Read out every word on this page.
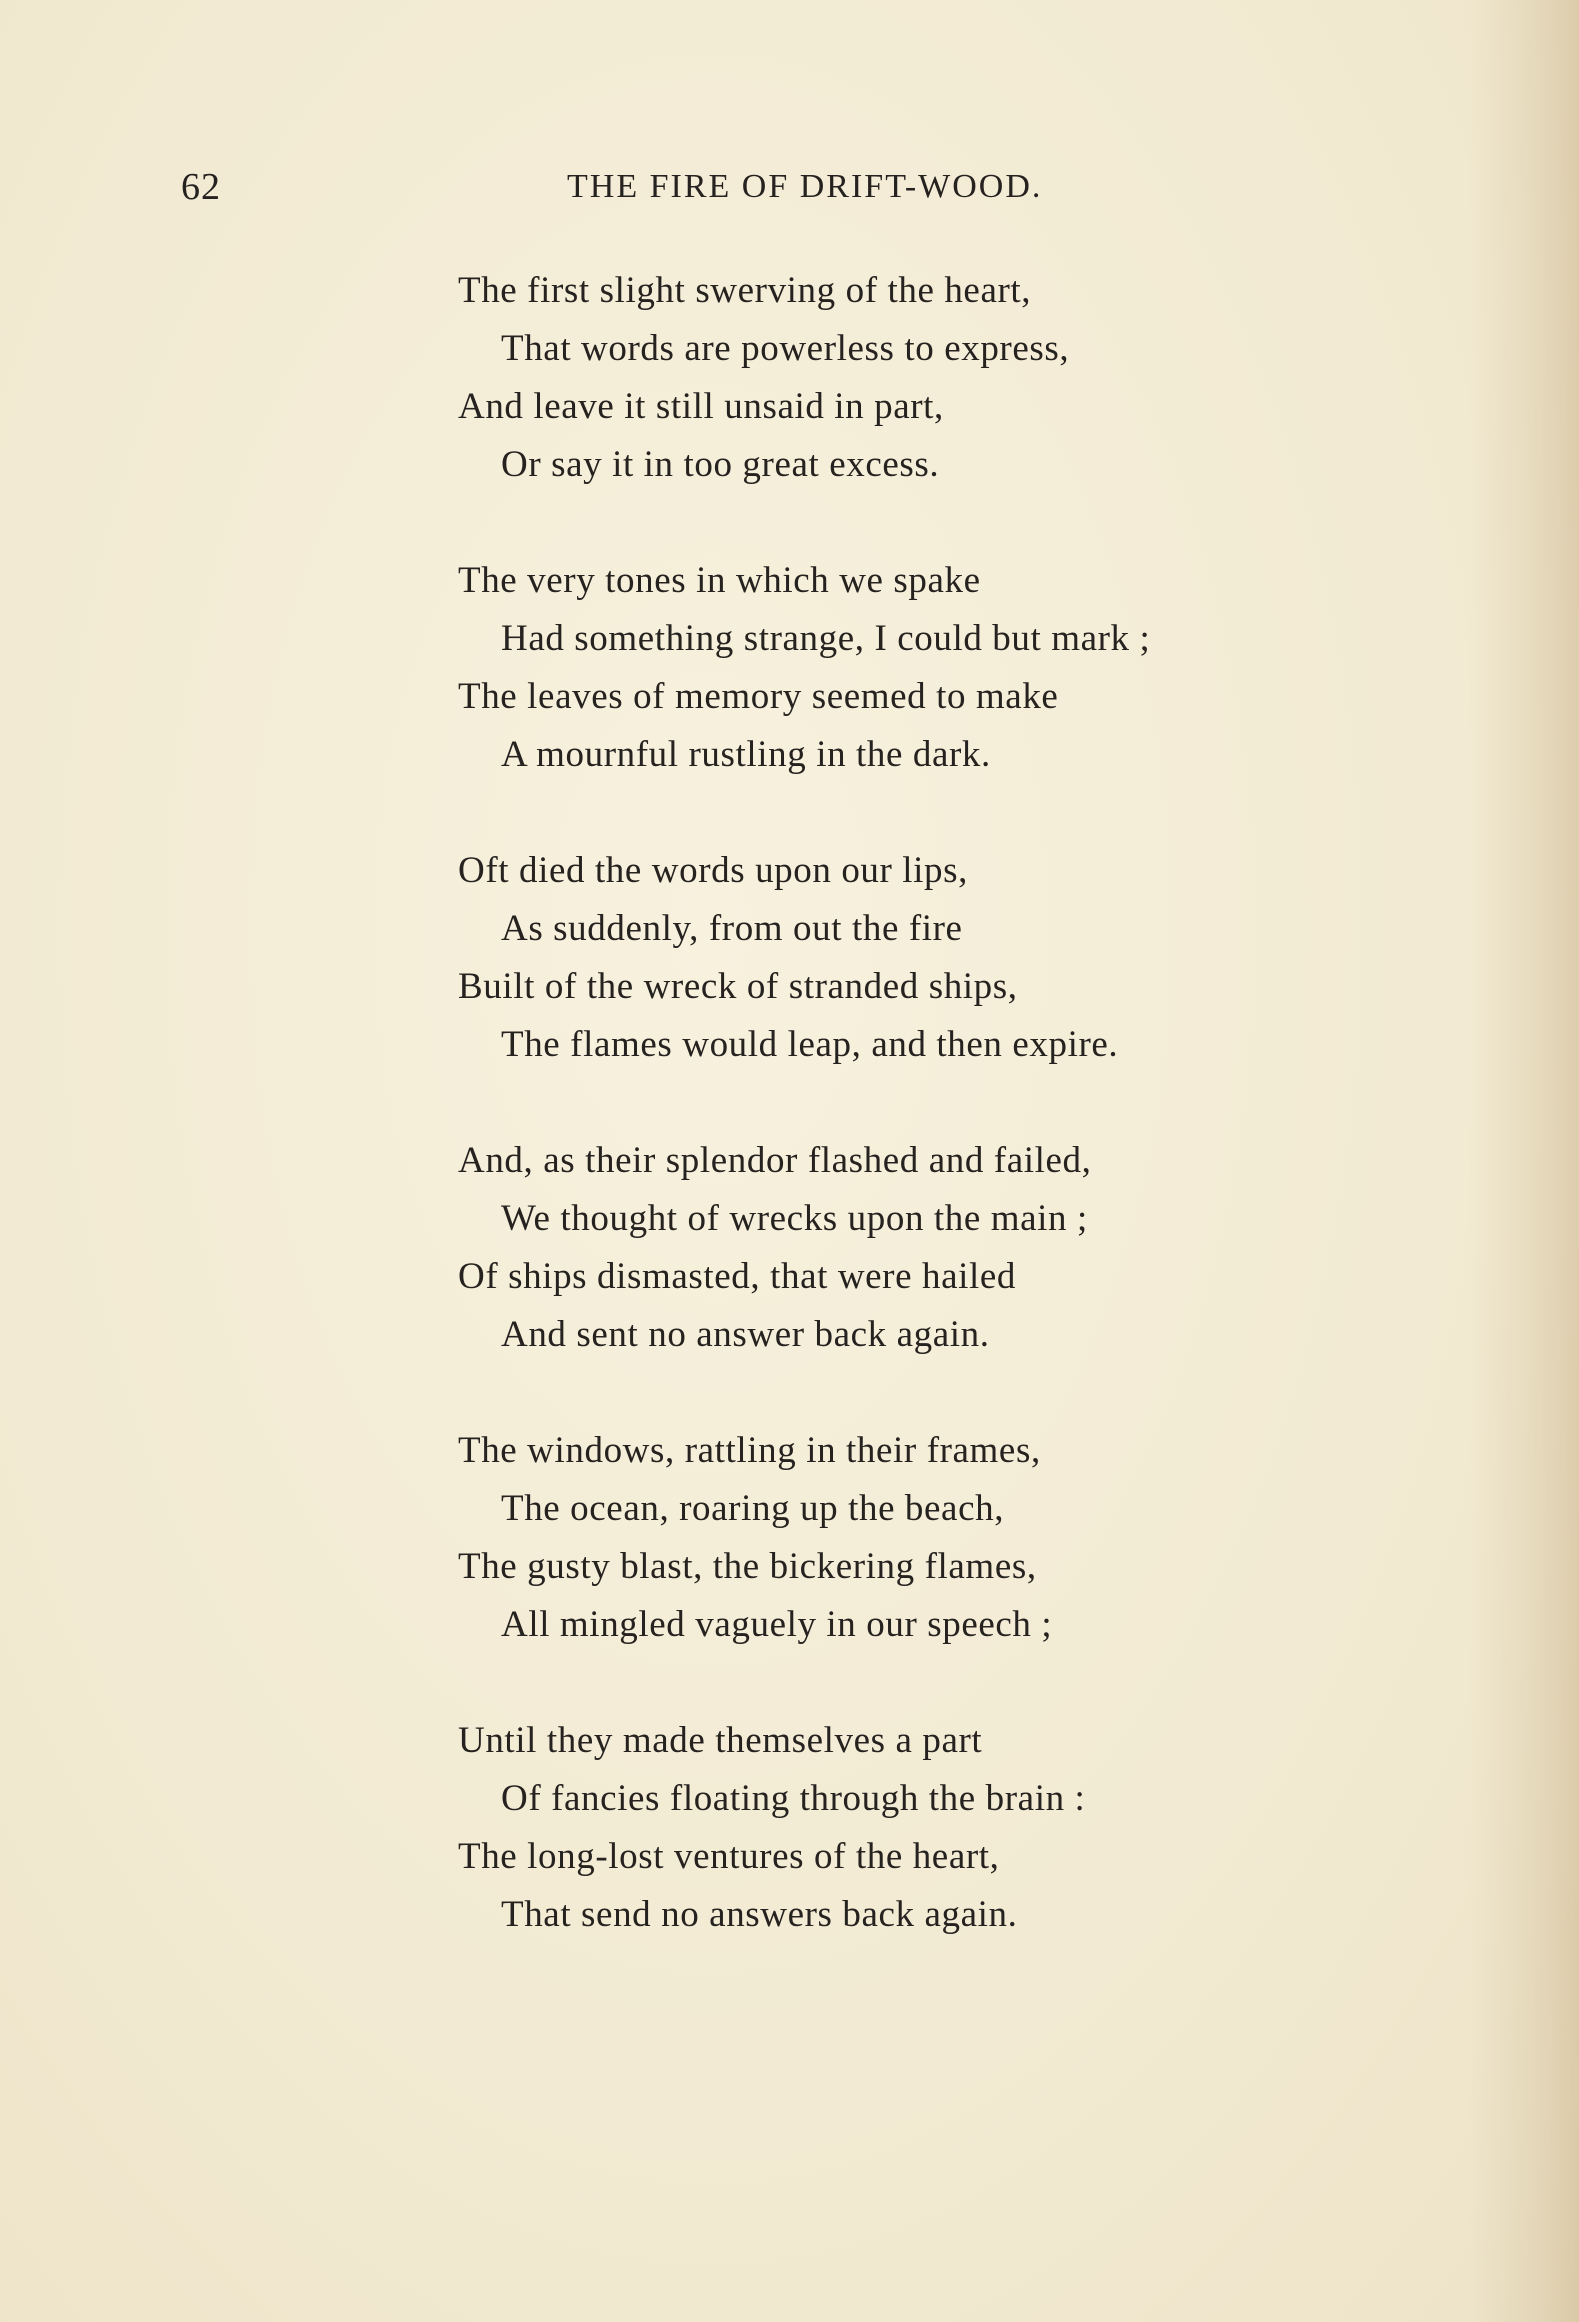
62	THE FIRE OF DRIFT-WOOD.
The first slight swerving of the heart,
That words are powerless to express,
And leave it still unsaid in part,
Or say it in too great excess.
The very tones in which we spake
Had something strange, I could but mark ;
The leaves of memory seemed to make
A mournful rustling in the dark.
Oft died the words upon our lips,
As suddenly, from out the fire
Built of the wreck of stranded ships,
The flames would leap, and then expire.
And, as their splendor flashed and failed,
We thought of wrecks upon the main ;
Of ships dismasted, that were hailed
And sent no answer back again.
The windows, rattling in their frames,
The ocean, roaring up the beach,
The gusty blast, the bickering flames,
All mingled vaguely in our speech ;
Until they made themselves a part
Of fancies floating through the brain :
The long-lost ventures of the heart,
That send no answers back again.
